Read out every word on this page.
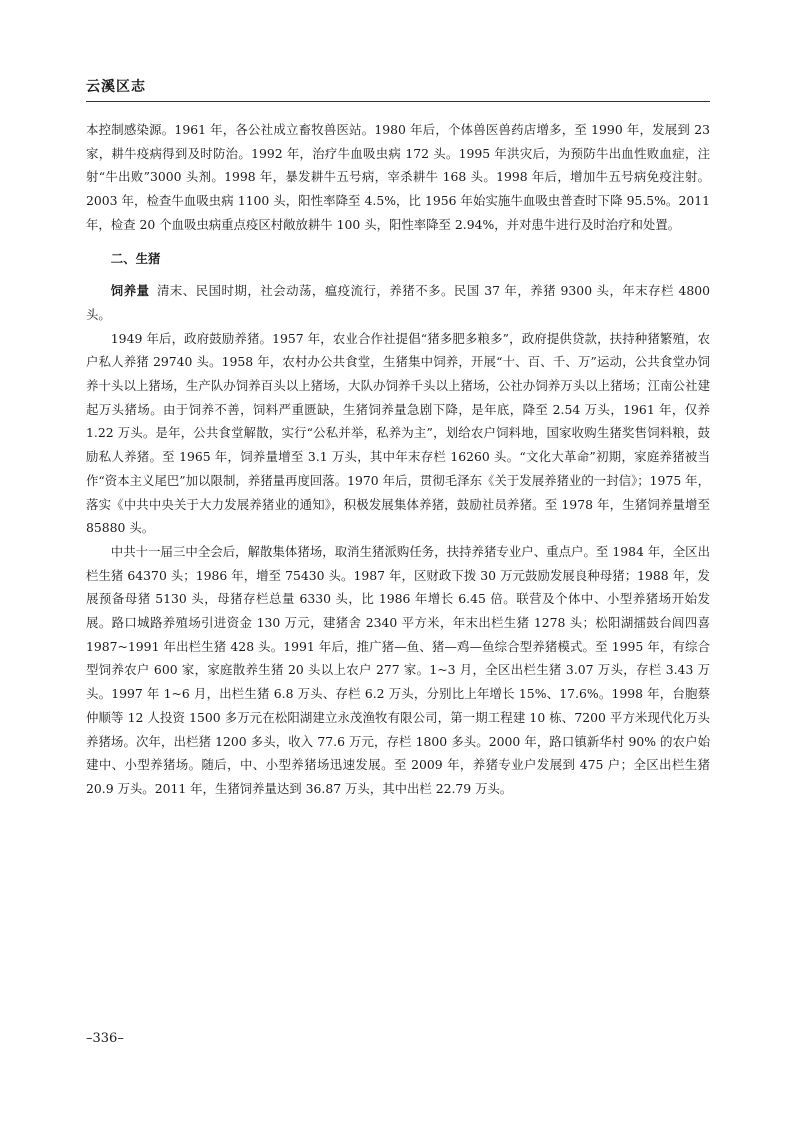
云溪区志

本控制感染源。1961 年，各公社成立畜牧兽医站。1980 年后，个体兽医兽药店增多，至 1990 年，发展到 23 家，耕牛疫病得到及时防治。1992 年，治疗牛血吸虫病 172 头。1995 年洪灾后，为预防牛出血性败血症，注射“牛出败”3000 头剂。1998 年，暴发耕牛五号病，宰杀耕牛 168 头。1998 年后，增加牛五号病免疫注射。2003 年，检查牛血吸虫病 1100 头，阳性率降至 4.5%，比 1956 年始实施牛血吸虫普查时下降 95.5%。2011 年，检查 20 个血吸虫病重点疫区村敞放耕牛 100 头，阳性率降至 2.94%，并对患牛进行及时治疗和处置。

二、生猪

饲养量 清末、民国时期，社会动荡，瘟疫流行，养猪不多。民国 37 年，养猪 9300 头，年末存栏 4800 头。

1949 年后，政府鼓励养猪。1957 年，农业合作社提倡“猪多肥多粮多”，政府提供贷款，扶持种猪繁殖，农户私人养猪 29740 头。1958 年，农村办公共食堂，生猪集中饲养，开展“十、百、千、万”运动，公共食堂办饲养十头以上猪场，生产队办饲养百头以上猪场，大队办饲养千头以上猪场，公社办饲养万头以上猪场；江南公社建起万头猪场。由于饲养不善，饲料严重匮缺，生猪饲养量急剧下降，是年底，降至 2.54 万头，1961 年，仅养 1.22 万头。是年，公共食堂解散，实行“公私并举，私养为主”，划给农户饲料地，国家收购生猪奖售饲料粮，鼓励私人养猪。至 1965 年，饲养量增至 3.1 万头，其中年末存栏 16260 头。“文化大革命”初期，家庭养猪被当作“资本主义尾巴”加以限制，养猪量再度回落。1970 年后，贯彻毛泽东《关于发展养猪业的一封信》；1975 年，落实《中共中央关于大力发展养猪业的通知》，积极发展集体养猪，鼓励社员养猪。至 1978 年，生猪饲养量增至 85880 头。

中共十一届三中全会后，解散集体猪场，取消生猪派购任务，扶持养猪专业户、重点户。至 1984 年，全区出栏生猪 64370 头；1986 年，增至 75430 头。1987 年，区财政下拨 30 万元鼓励发展良种母猪；1988 年，发展预备母猪 5130 头，母猪存栏总量 6330 头，比 1986 年增长 6.45 倍。联营及个体中、小型养猪场开始发展。路口城路养殖场引进资金 130 万元，建猪舍 2340 平方米，年末出栏生猪 1278 头；松阳湖擂鼓台闾四喜 1987~1991 年出栏生猪 428 头。1991 年后，推广猪—鱼、猪—鸡—鱼综合型养猪模式。至 1995 年，有综合型饲养农户 600 家，家庭散养生猪 20 头以上农户 277 家。1~3 月，全区出栏生猪 3.07 万头，存栏 3.43 万头。1997 年 1~6 月，出栏生猪 6.8 万头、存栏 6.2 万头，分别比上年增长 15%、17.6%。1998 年，台胞蔡仲顺等 12 人投资 1500 多万元在松阳湖建立永茂渔牧有限公司，第一期工程建 10 栋、7200 平方米现代化万头养猪场。次年，出栏猪 1200 多头，收入 77.6 万元，存栏 1800 多头。2000 年，路口镇新华村 90% 的农户始建中、小型养猪场。随后，中、小型养猪场迅速发展。至 2009 年，养猪专业户发展到 475 户；全区出栏生猪 20.9 万头。2011 年，生猪饲养量达到 36.87 万头，其中出栏 22.79 万头。

–336–
